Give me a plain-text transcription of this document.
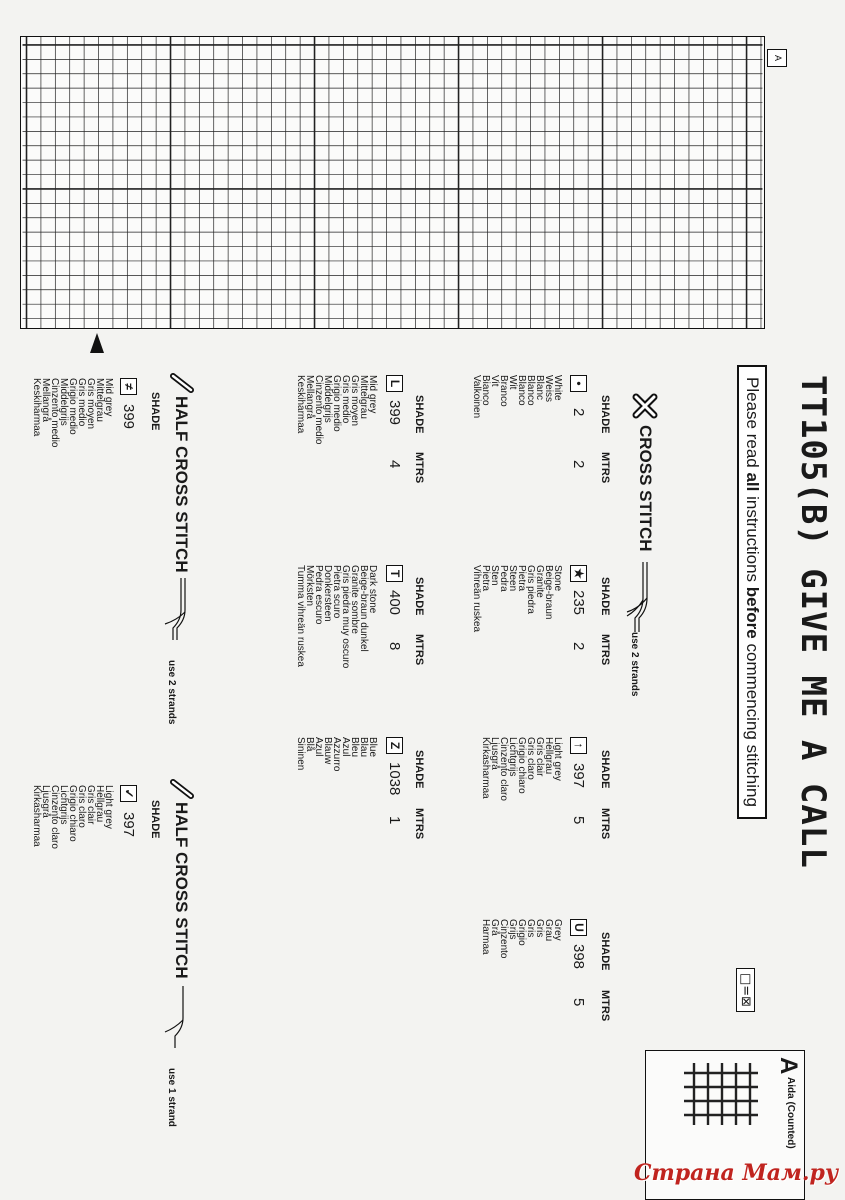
A
TT105(B) GIVE ME A CALL
Please read all instructions before commencing stitching
□=⊠
A
Aida (Counted)
CROSS STITCH
use 2 strands
SHADE
MTRS
SHADE
MTRS
SHADE
MTRS
SHADE
MTRS
•
2
2
White
Weiss
Blanc
Blanco
Blanco
Wit
Branco
Vit
Bianco
Valkoinen
★
235
2
Stone
Beige-braun
Granite
Gris piedra
Pietra
Steen
Pedra
Sten
Pietra
Vihreän ruskea
↑
397
5
Light grey
Hellgrau
Gris clair
Gris claro
Grigio chiaro
Lichtgrijs
Cinzento claro
Ljusgrå
Kirkasharmaa
U
398
5
Grey
Grau
Gris
Gris
Grigio
Grijs
Cinzento
Grå
Harmaa
SHADE
MTRS
SHADE
MTRS
SHADE
MTRS
L
399
4
Mid grey
Mittelgrau
Gris moyen
Gris medio
Grigio medio
Middelgrijs
Cinzento medio
Mellangrå
Keskiharmaa
T
400
8
Dark stone
Beige-braun dunkel
Granite sombre
Gris piedra muy oscuro
Pietra scuro
Donkersteen
Pedra escuro
Mörksten
Tumma vihreän ruskea
Z
1038
1
Blue
Blau
Bleu
Azul
Azzurro
Blauw
Azul
Blå
Sininen
HALF CROSS STITCH
use 2 strands
SHADE
≠
399
Mid grey
Mittelgrau
Gris moyen
Gris medio
Grigio medio
Middelgrijs
Cinzento medio
Mellangrå
Keskiharmaa
HALF CROSS STITCH
use 1 strand
SHADE
✓
397
Light grey
Hellgrau
Gris clair
Gris claro
Grigio chiaro
Lichtgrijs
Cinzento claro
Ljusgrå
Kirkasharmaa
Страна Мам.ру
